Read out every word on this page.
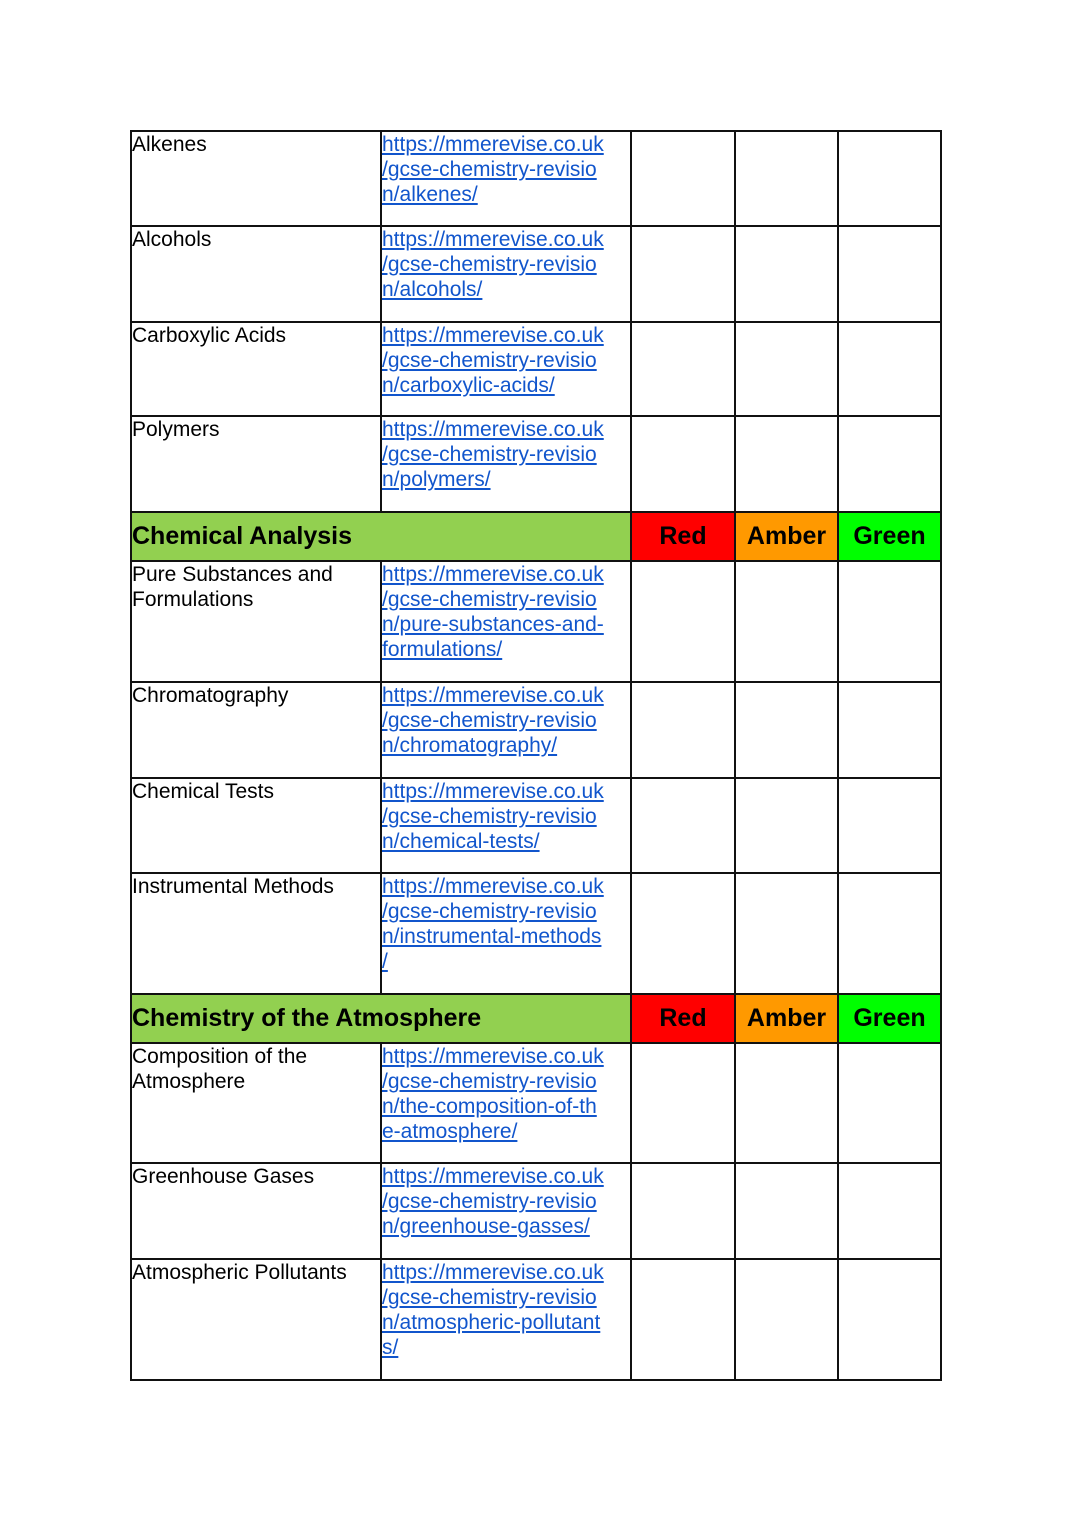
Alkenes	https://mmerevise.co.uk
/gcse-chemistry-revisio
n/alkenes/			

Alcohols	https://mmerevise.co.uk
/gcse-chemistry-revisio
n/alcohols/			

Carboxylic Acids	https://mmerevise.co.uk
/gcse-chemistry-revisio
n/carboxylic-acids/			

Polymers	https://mmerevise.co.uk
/gcse-chemistry-revisio
n/polymers/			

Chemical Analysis		Red	Amber	Green
Pure Substances and Formulations	https://mmerevise.co.uk
/gcse-chemistry-revisio
n/pure-substances-and-
formulations/			

Chromatography	https://mmerevise.co.uk
/gcse-chemistry-revisio
n/chromatography/			

Chemical Tests	https://mmerevise.co.uk
/gcse-chemistry-revisio
n/chemical-tests/			

Instrumental Methods	https://mmerevise.co.uk
/gcse-chemistry-revisio
n/instrumental-methods
/			

Chemistry of the Atmosphere		Red	Amber	Green
Composition of the Atmosphere	https://mmerevise.co.uk
/gcse-chemistry-revisio
n/the-composition-of-th
e-atmosphere/			

Greenhouse Gases	https://mmerevise.co.uk
/gcse-chemistry-revisio
n/greenhouse-gasses/			

Atmospheric Pollutants	https://mmerevise.co.uk
/gcse-chemistry-revisio
n/atmospheric-pollutant
s/			
